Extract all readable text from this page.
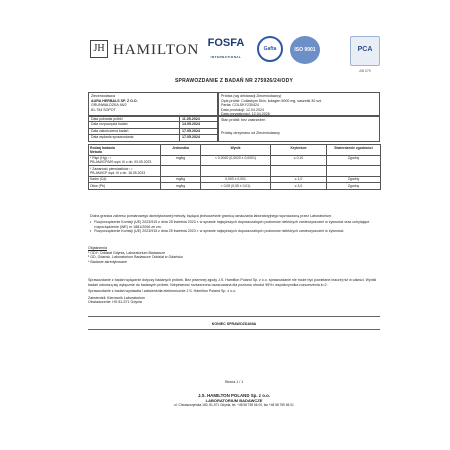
JH HAMILTON FOSFA
INTERNATIONAL
Gafta	ISO 9001	PCA
AB 079
SPRAWOZDANIE Z BADAŃ NR 275926/24/ODY
Zleceniodawca
AURA HERBALS SP. Z O.O.
GRUNWALDZKA 46/2
81-754 SOPOT
Próbka (wg deklaracji Zleceniodawcy)
Opis próbki: Collaskym Skin, kolagen 5000 mg, saszetki 30 szt.
Partia: COLSKY230424
Data produkcji: 12.04.2024
Data przydatności: 12.04.2026
Data pobrania próbki	11.05.2024
Data rozpoczęcia badań	14.05.2024
Data zakończenia badań	17.05.2024
Data wydania sprawozdania	17.05.2024
Stan próbki: bez zastrzeżeń
Próbkę otrzymano od Zleceniodawcy
Rodzaj badania
Metoda	Jednostka	Wynik	Kryterium	Stwierdzenie zgodności

* Rtęć (Hg) ¹ ²
PB-AM/ICP/MS wyd. III z dn. 03.05.2023	mg/kg	< 0,0020 (0,0020 ± 0,0001)	≤ 0,10	Zgodny

* Zawartość pierwiastków ¹ ²
PB-AM/ICP wyd. III z dn. 18.05.2023				

Kadm (Cd)	mg/kg	0,003 ± 0,001	≤ 1,0	Zgodny
Ołów (Pb)	mg/kg	< 0,05 (0,05 ± 0,01)	≤ 3,0	Zgodny

Dolna granica zakresu pomiarowego akredytowanej metody, będąca jednocześnie granicą oznaczania laboratoryjnego wyznaczoną przez Laboratorium.

• Rozporządzenie Komisji (UE) 2023/915 z dnia 25 kwietnia 2023 r. w sprawie najwyższych dopuszczalnych poziomów niektórych zanieczyszczeń w żywności oraz uchylające rozporządzenie (WE) nr 1881/2006 ze zm.
• Rozporządzenie Komisji (UE) 2023/915 z dnia 25 kwietnia 2023 r. w sprawie najwyższych dopuszczalnych poziomów niektórych zanieczyszczeń w żywności.
Objaśnienia
¹ ODY: Oddział Gdynia, Laboratorium Badawcze
² GD, Gdańsk, Laboratorium Badawcze Oddział w Gdańsku
* Badanie akredytowane

Sprawozdanie z badań wyłącznie dotyczy badanych próbek. Bez pisemnej zgody J.S. Hamilton Poland Sp. z o.o. sprawozdanie nie może być powielane inaczej niż w całości. Wyniki badań odnoszą się wyłącznie do badanych próbek. Niepewność rozszerzona oszacowana dla poziomu ufności 95% i współczynnika rozszerzenia k=2.

Sprawozdanie z badań wystawiła i zatwierdziła elektronicznie J.S. Hamilton Poland Sp. z o.o.

Zatwierdził: Kierownik Laboratorium
Oświadczenie: HS 81-571 Gdynia
KONIEC SPRAWOZDANIA
Strona 1 / 1
J.S. HAMILTON POLAND Sp. z o.o.
LABORATORIUM BADAWCZE
ul. Chwaszczyńska 180, 81-571 Gdynia, tel. +48 58 769 66 00, fax +48 58 769 66 01
